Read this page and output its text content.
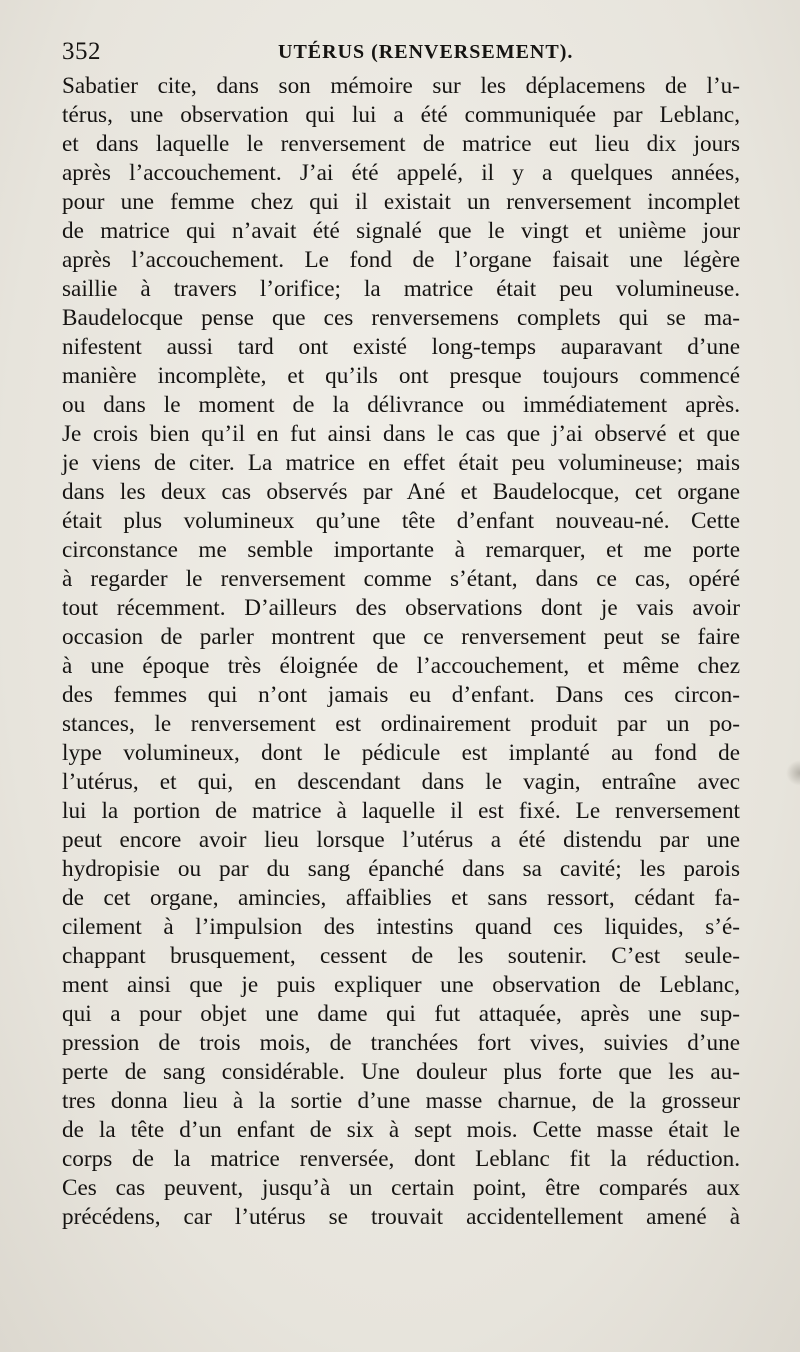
352	UTÉRUS (RENVERSEMENT).
Sabatier cite, dans son mémoire sur les déplacemens de l’u-
térus, une observation qui lui a été communiquée par Leblanc,
et dans laquelle le renversement de matrice eut lieu dix jours
après l’accouchement. J’ai été appelé, il y a quelques années,
pour une femme chez qui il existait un renversement incomplet
de matrice qui n’avait été signalé que le vingt et unième jour
après l’accouchement. Le fond de l’organe faisait une légère
saillie à travers l’orifice; la matrice était peu volumineuse.
Baudelocque pense que ces renversemens complets qui se ma-
nifestent aussi tard ont existé long-temps auparavant d’une
manière incomplète, et qu’ils ont presque toujours commencé
ou dans le moment de la délivrance ou immédiatement après.
Je crois bien qu’il en fut ainsi dans le cas que j’ai observé et que
je viens de citer. La matrice en effet était peu volumineuse; mais
dans les deux cas observés par Ané et Baudelocque, cet organe
était plus volumineux qu’une tête d’enfant nouveau-né. Cette
circonstance me semble importante à remarquer, et me porte
à regarder le renversement comme s’étant, dans ce cas, opéré
tout récemment. D’ailleurs des observations dont je vais avoir
occasion de parler montrent que ce renversement peut se faire
à une époque très éloignée de l’accouchement, et même chez
des femmes qui n’ont jamais eu d’enfant. Dans ces circon-
stances, le renversement est ordinairement produit par un po-
lype volumineux, dont le pédicule est implanté au fond de
l’utérus, et qui, en descendant dans le vagin, entraîne avec
lui la portion de matrice à laquelle il est fixé. Le renversement
peut encore avoir lieu lorsque l’utérus a été distendu par une
hydropisie ou par du sang épanché dans sa cavité; les parois
de cet organe, amincies, affaiblies et sans ressort, cédant fa-
cilement à l’impulsion des intestins quand ces liquides, s’é-
chappant brusquement, cessent de les soutenir. C’est seule-
ment ainsi que je puis expliquer une observation de Leblanc,
qui a pour objet une dame qui fut attaquée, après une sup-
pression de trois mois, de tranchées fort vives, suivies d’une
perte de sang considérable. Une douleur plus forte que les au-
tres donna lieu à la sortie d’une masse charnue, de la grosseur
de la tête d’un enfant de six à sept mois. Cette masse était le
corps de la matrice renversée, dont Leblanc fit la réduction.
Ces cas peuvent, jusqu’à un certain point, être comparés aux
précédens, car l’utérus se trouvait accidentellement amené à
